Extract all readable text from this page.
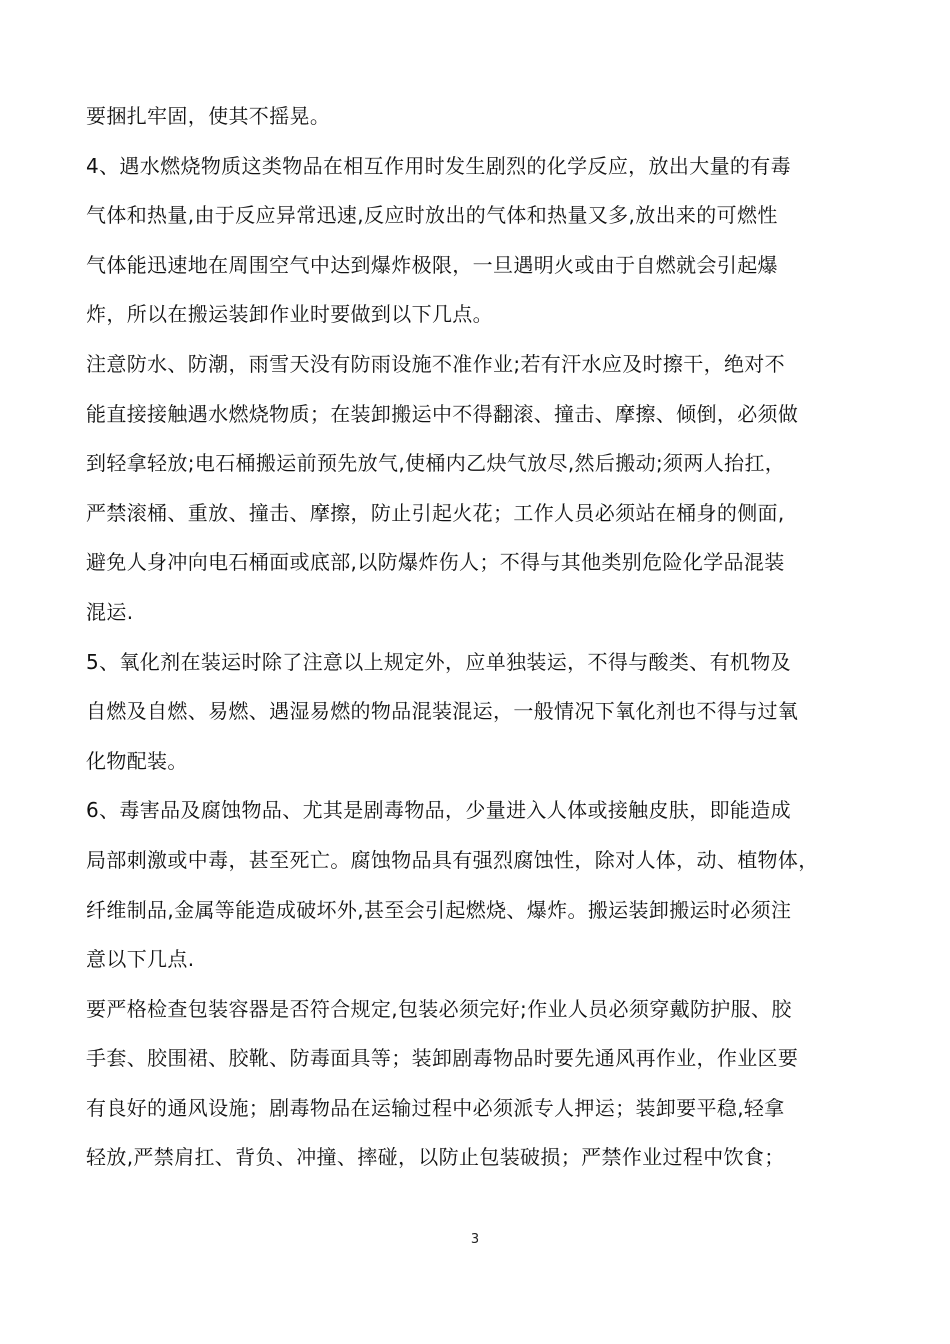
要捆扎牢固，使其不摇晃。
4、遇水燃烧物质这类物品在相互作用时发生剧烈的化学反应，放出大量的有毒
气体和热量,由于反应异常迅速,反应时放出的气体和热量又多,放出来的可燃性
气体能迅速地在周围空气中达到爆炸极限，一旦遇明火或由于自燃就会引起爆
炸，所以在搬运装卸作业时要做到以下几点。
注意防水、防潮，雨雪天没有防雨设施不准作业;若有汗水应及时擦干，绝对不
能直接接触遇水燃烧物质；在装卸搬运中不得翻滚、撞击、摩擦、倾倒，必须做
到轻拿轻放;电石桶搬运前预先放气,使桶内乙炔气放尽,然后搬动;须两人抬扛，
严禁滚桶、重放、撞击、摩擦，防止引起火花；工作人员必须站在桶身的侧面,
避免人身冲向电石桶面或底部,以防爆炸伤人；不得与其他类别危险化学品混装
混运.
5、氧化剂在装运时除了注意以上规定外，应单独装运，不得与酸类、有机物及
自燃及自燃、易燃、遇湿易燃的物品混装混运，一般情况下氧化剂也不得与过氧
化物配装。
6、毒害品及腐蚀物品、尤其是剧毒物品，少量进入人体或接触皮肤，即能造成
局部刺激或中毒，甚至死亡。腐蚀物品具有强烈腐蚀性，除对人体，动、植物体，
纤维制品,金属等能造成破坏外,甚至会引起燃烧、爆炸。搬运装卸搬运时必须注
意以下几点.
要严格检查包装容器是否符合规定,包装必须完好;作业人员必须穿戴防护服、胶
手套、胶围裙、胶靴、防毒面具等；装卸剧毒物品时要先通风再作业，作业区要
有良好的通风设施；剧毒物品在运输过程中必须派专人押运；装卸要平稳,轻拿
轻放,严禁肩扛、背负、冲撞、摔碰，以防止包装破损；严禁作业过程中饮食；
3
